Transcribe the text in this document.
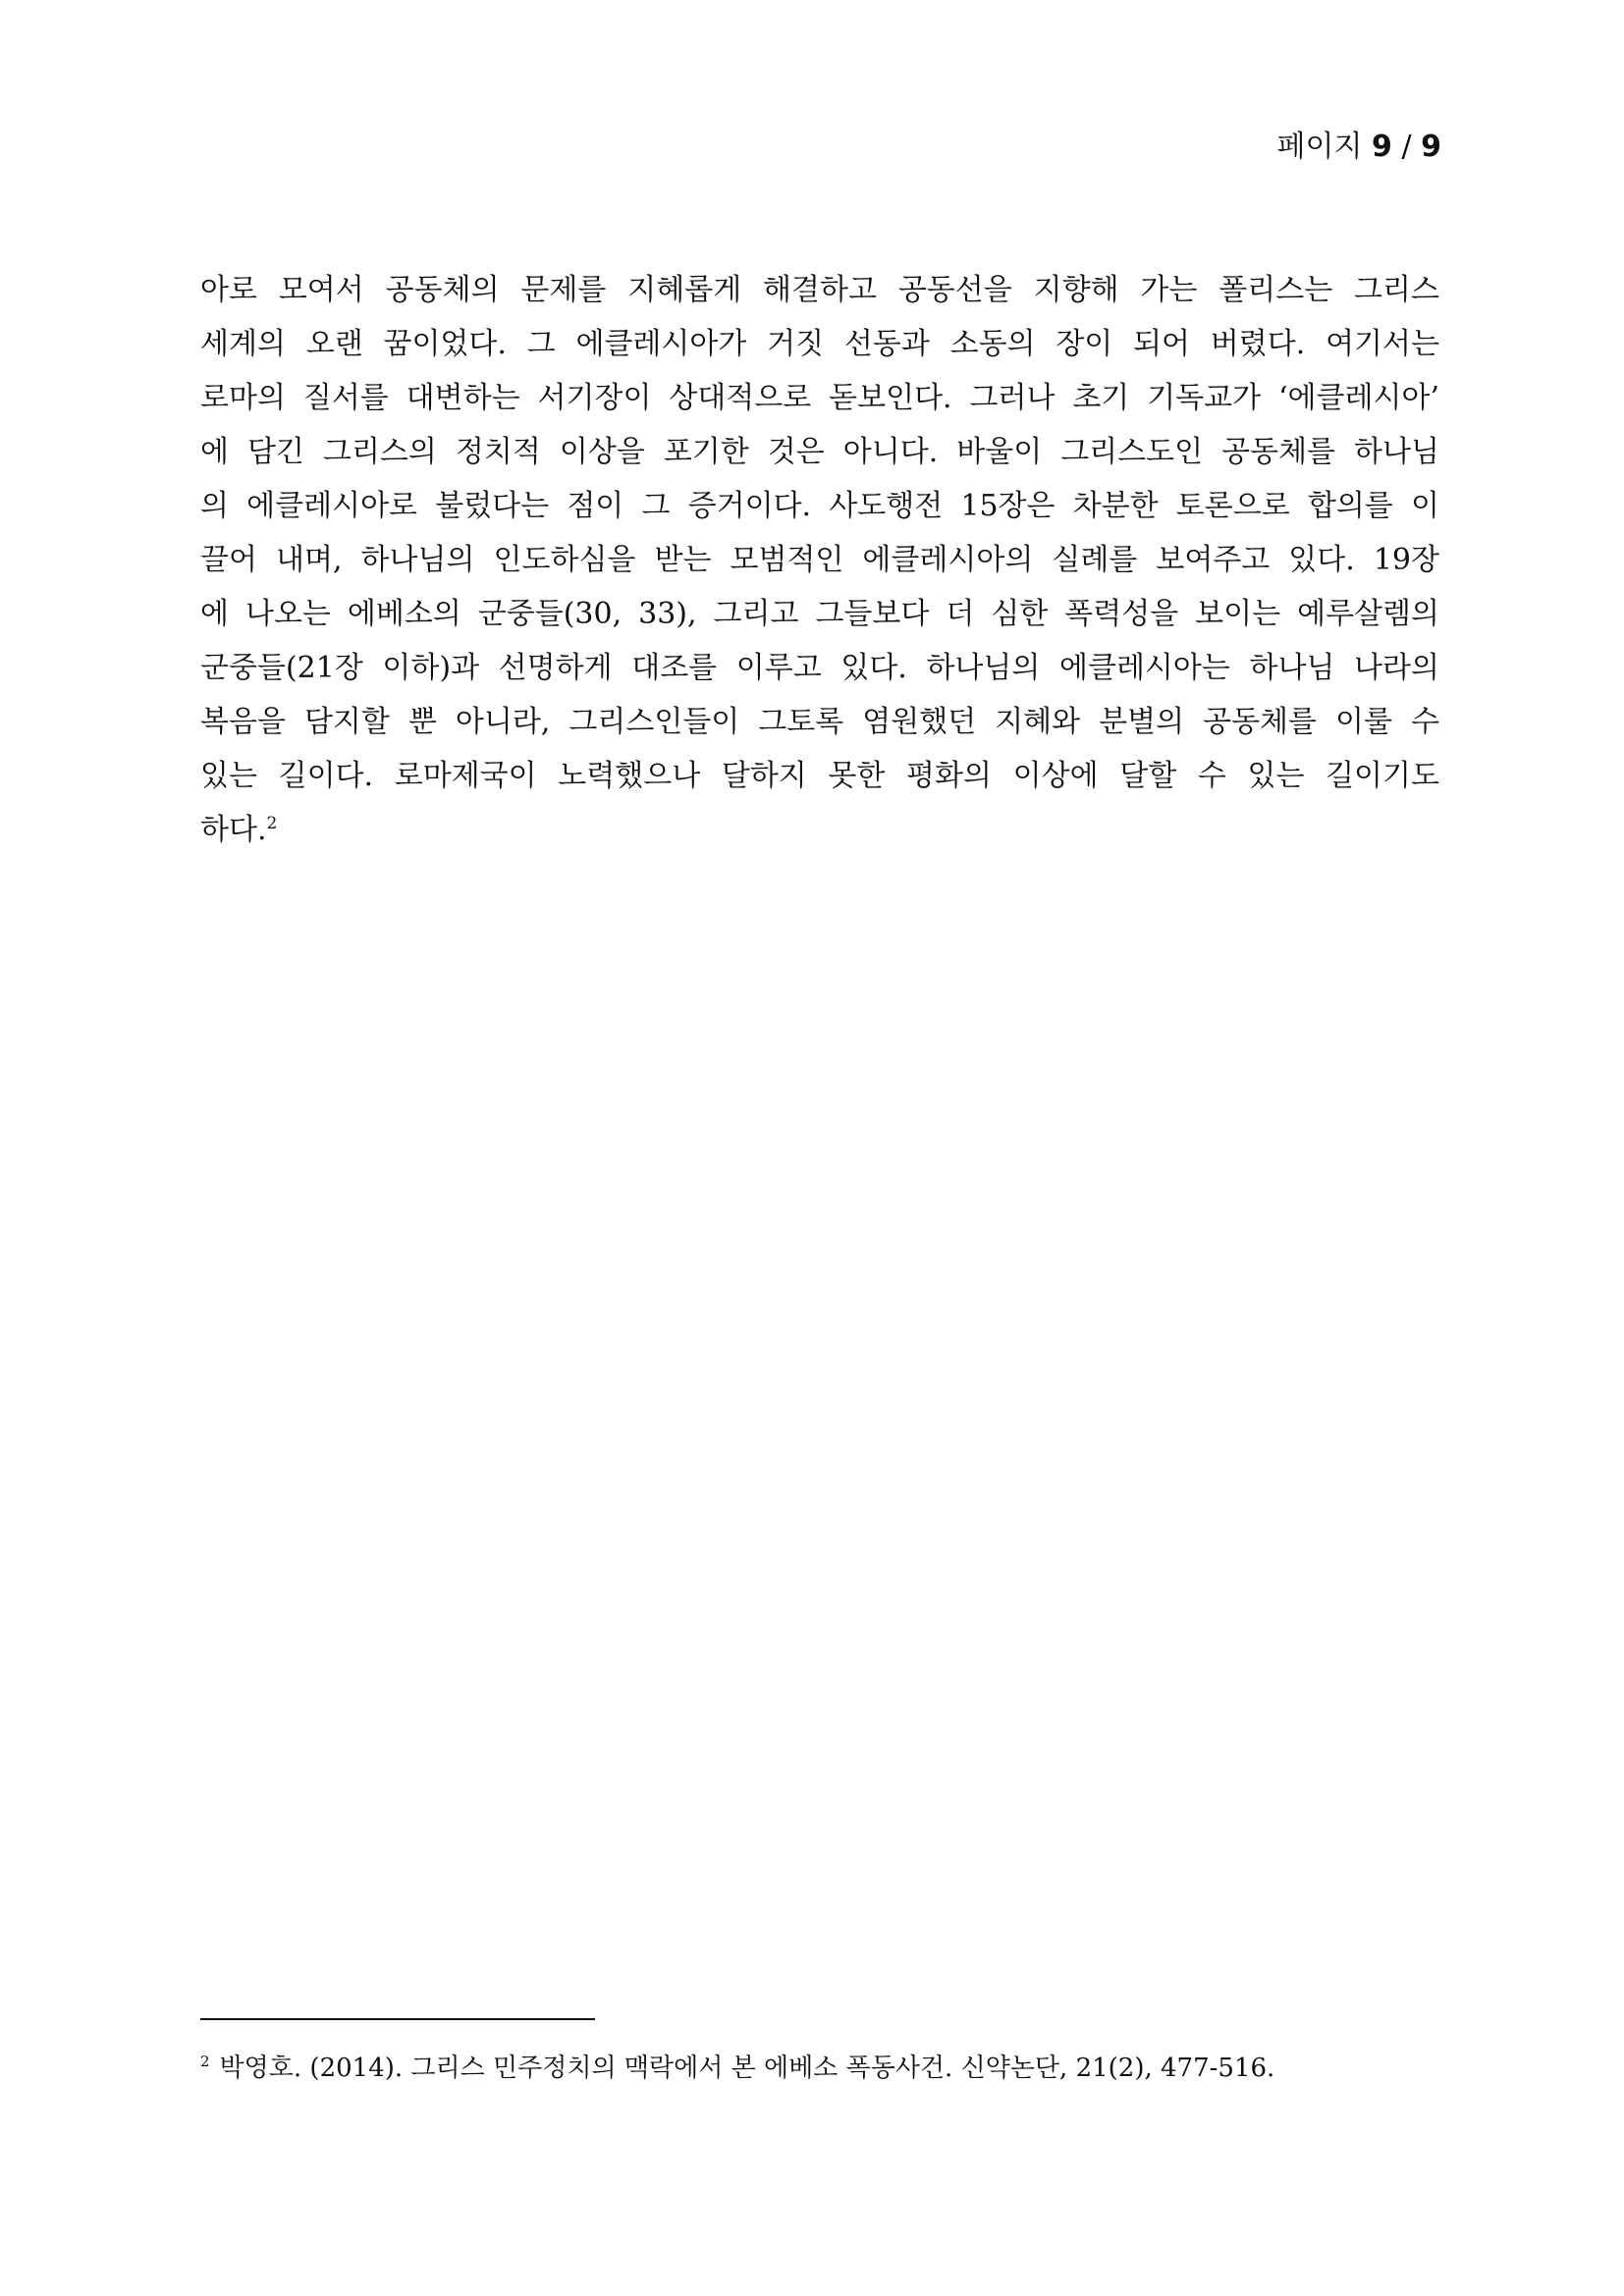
페이지 9 / 9
아로 모여서 공동체의 문제를 지혜롭게 해결하고 공동선을 지향해 가는 폴리스는 그리스
세계의 오랜 꿈이었다. 그 에클레시아가 거짓 선동과 소동의 장이 되어 버렸다. 여기서는
로마의 질서를 대변하는 서기장이 상대적으로 돋보인다. 그러나 초기 기독교가 ‘에클레시아’
에 담긴 그리스의 정치적 이상을 포기한 것은 아니다. 바울이 그리스도인 공동체를 하나님
의 에클레시아로 불렀다는 점이 그 증거이다. 사도행전 15장은 차분한 토론으로 합의를 이
끌어 내며, 하나님의 인도하심을 받는 모범적인 에클레시아의 실례를 보여주고 있다. 19장
에 나오는 에베소의 군중들(30, 33), 그리고 그들보다 더 심한 폭력성을 보이는 예루살렘의
군중들(21장 이하)과 선명하게 대조를 이루고 있다. 하나님의 에클레시아는 하나님 나라의
복음을 담지할 뿐 아니라, 그리스인들이 그토록 염원했던 지혜와 분별의 공동체를 이룰 수
있는 길이다. 로마제국이 노력했으나 달하지 못한 평화의 이상에 달할 수 있는 길이기도
하다.$^2$
$^2$ 박영호. (2014). 그리스 민주정치의 맥락에서 본 에베소 폭동사건. 신약논단, 21(2), 477-516.
